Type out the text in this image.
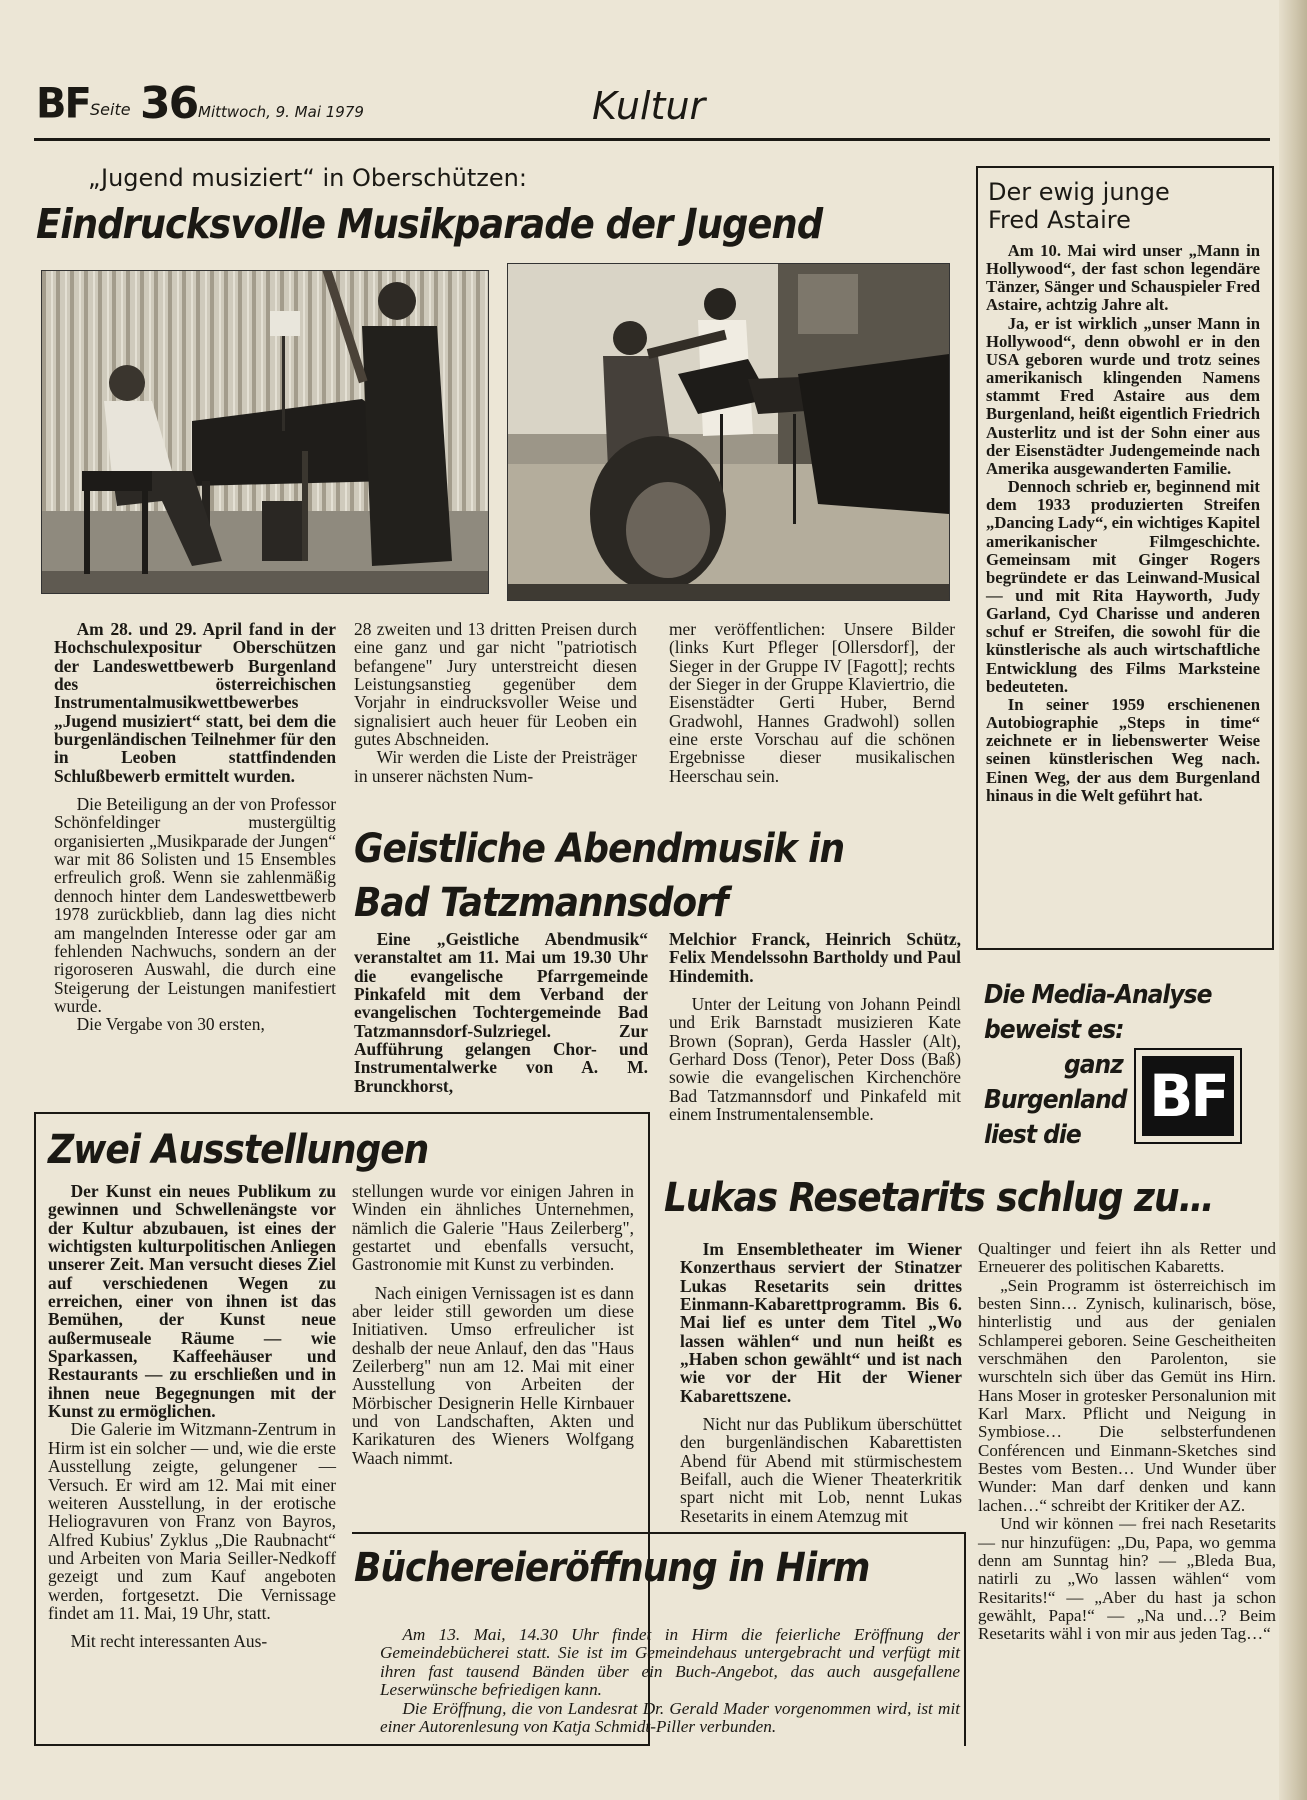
BF Seite 36 Mittwoch, 9. Mai 1979	Kultur
„Jugend musiziert“ in Oberschützen:
Eindrucksvolle Musikparade der Jugend

Am 28. und 29. April fand in der Hochschulexpositur Oberschützen der Landeswettbewerb Burgenland des österreichischen Instrumentalmusikwettbewerbes „Jugend musiziert“ statt, bei dem die burgenländischen Teilnehmer für den in Leoben stattfindenden Schlußbewerb ermittelt wurden.

Die Beteiligung an der von Professor Schönfeldinger mustergültig organisierten „Musikparade der Jungen“ war mit 86 Solisten und 15 Ensembles erfreulich groß. Wenn sie zahlenmäßig dennoch hinter dem Landeswettbewerb 1978 zurückblieb, dann lag dies nicht am mangelnden Interesse oder gar am fehlenden Nachwuchs, sondern an der rigoroseren Auswahl, die durch eine Steigerung der Leistungen manifestiert wurde.

Die Vergabe von 30 ersten,

28 zweiten und 13 dritten Preisen durch eine ganz und gar nicht "patriotisch befangene" Jury unterstreicht diesen Leistungsanstieg gegenüber dem Vorjahr in eindrucksvoller Weise und signalisiert auch heuer für Leoben ein gutes Abschneiden.

Wir werden die Liste der Preisträger in unserer nächsten Num-

mer veröffentlichen: Unsere Bilder (links Kurt Pfleger [Ollersdorf], der Sieger in der Gruppe IV [Fagott]; rechts der Sieger in der Gruppe Klaviertrio, die Eisenstädter Gerti Huber, Bernd Gradwohl, Hannes Gradwohl) sollen eine erste Vorschau auf die schönen Ergebnisse dieser musikalischen Heerschau sein.

Geistliche Abendmusik in
Bad Tatzmannsdorf

Eine „Geistliche Abendmusik“ veranstaltet am 11. Mai um 19.30 Uhr die evangelische Pfarrgemeinde Pinkafeld mit dem Verband der evangelischen Tochtergemeinde Bad Tatzmannsdorf-Sulzriegel. Zur Aufführung gelangen Chor- und Instrumentalwerke von A. M. Brunckhorst,

Melchior Franck, Heinrich Schütz, Felix Mendelssohn Bartholdy und Paul Hindemith.

Unter der Leitung von Johann Peindl und Erik Barnstadt musizieren Kate Brown (Sopran), Gerda Hassler (Alt), Gerhard Doss (Tenor), Peter Doss (Baß) sowie die evangelischen Kirchenchöre Bad Tatzmannsdorf und Pinkafeld mit einem Instrumentalensemble.

Der ewig junge
Fred Astaire

Am 10. Mai wird unser „Mann in Hollywood“, der fast schon legendäre Tänzer, Sänger und Schauspieler Fred Astaire, achtzig Jahre alt.

Ja, er ist wirklich „unser Mann in Hollywood“, denn obwohl er in den USA geboren wurde und trotz seines amerikanisch klingenden Namens stammt Fred Astaire aus dem Burgenland, heißt eigentlich Friedrich Austerlitz und ist der Sohn einer aus der Eisenstädter Judengemeinde nach Amerika ausgewanderten Familie.

Dennoch schrieb er, beginnend mit dem 1933 produzierten Streifen „Dancing Lady“, ein wichtiges Kapitel amerikanischer Filmgeschichte. Gemeinsam mit Ginger Rogers begründete er das Leinwand-Musical — und mit Rita Hayworth, Judy Garland, Cyd Charisse und anderen schuf er Streifen, die sowohl für die künstlerische als auch wirtschaftliche Entwicklung des Films Marksteine bedeuteten.

In seiner 1959 erschienenen Autobiographie „Steps in time“ zeichnete er in liebenswerter Weise seinen künstlerischen Weg nach. Einen Weg, der aus dem Burgenland hinaus in die Welt geführt hat.

Die Media-Analyse
beweist es:
ganz
Burgenland
liest die
BF
Zwei Ausstellungen

Der Kunst ein neues Publikum zu gewinnen und Schwellenängste vor der Kultur abzubauen, ist eines der wichtigsten kulturpolitischen Anliegen unserer Zeit. Man versucht dieses Ziel auf verschiedenen Wegen zu erreichen, einer von ihnen ist das Bemühen, der Kunst neue außermuseale Räume — wie Sparkassen, Kaffeehäuser und Restaurants — zu erschließen und in ihnen neue Begegnungen mit der Kunst zu ermöglichen.

Die Galerie im Witzmann-Zentrum in Hirm ist ein solcher — und, wie die erste Ausstellung zeigte, gelungener — Versuch. Er wird am 12. Mai mit einer weiteren Ausstellung, in der erotische Heliogravuren von Franz von Bayros, Alfred Kubius' Zyklus „Die Raubnacht“ und Arbeiten von Maria Seiller-Nedkoff gezeigt und zum Kauf angeboten werden, fortgesetzt. Die Vernissage findet am 11. Mai, 19 Uhr, statt.

Mit recht interessanten Aus-

stellungen wurde vor einigen Jahren in Winden ein ähnliches Unternehmen, nämlich die Galerie "Haus Zeilerberg", gestartet und ebenfalls versucht, Gastronomie mit Kunst zu verbinden.

Nach einigen Vernissagen ist es dann aber leider still geworden um diese Initiativen. Umso erfreulicher ist deshalb der neue Anlauf, den das "Haus Zeilerberg" nun am 12. Mai mit einer Ausstellung von Arbeiten der Mörbischer Designerin Helle Kirnbauer und von Landschaften, Akten und Karikaturen des Wieners Wolfgang Waach nimmt.

Lukas Resetarits schlug zu…

Im Ensembletheater im Wiener Konzerthaus serviert der Stinatzer Lukas Resetarits sein drittes Einmann-Kabarettprogramm. Bis 6. Mai lief es unter dem Titel „Wo lassen wählen“ und nun heißt es „Haben schon gewählt“ und ist nach wie vor der Hit der Wiener Kabarettszene.

Nicht nur das Publikum überschüttet den burgenländischen Kabarettisten Abend für Abend mit stürmischestem Beifall, auch die Wiener Theaterkritik spart nicht mit Lob, nennt Lukas Resetarits in einem Atemzug mit

Qualtinger und feiert ihn als Retter und Erneuerer des politischen Kabaretts.

„Sein Programm ist österreichisch im besten Sinn… Zynisch, kulinarisch, böse, hinterlistig und aus der genialen Schlamperei geboren. Seine Gescheitheiten verschmähen den Parolenton, sie wurschteln sich über das Gemüt ins Hirn. Hans Moser in grotesker Personalunion mit Karl Marx. Pflicht und Neigung in Symbiose… Die selbsterfundenen Conférencen und Einmann-Sketches sind Bestes vom Besten… Und Wunder über Wunder: Man darf denken und kann lachen…“ schreibt der Kritiker der AZ.

Und wir können — frei nach Resetarits — nur hinzufügen: „Du, Papa, wo gemma denn am Sunntag hin? — „Bleda Bua, natirli zu „Wo lassen wählen“ vom Resitarits!“ — „Aber du hast ja schon gewählt, Papa!“ — „Na und…? Beim Resetarits wähl i von mir aus jeden Tag…“

Büchereieröffnung in Hirm

Am 13. Mai, 14.30 Uhr findet in Hirm die feierliche Eröffnung der Gemeindebücherei statt. Sie ist im Gemeindehaus untergebracht und verfügt mit ihren fast tausend Bänden über ein Buch-Angebot, das auch ausgefallene Leserwünsche befriedigen kann.

Die Eröffnung, die von Landesrat Dr. Gerald Mader vorgenommen wird, ist mit einer Autorenlesung von Katja Schmidt-Piller verbunden.
